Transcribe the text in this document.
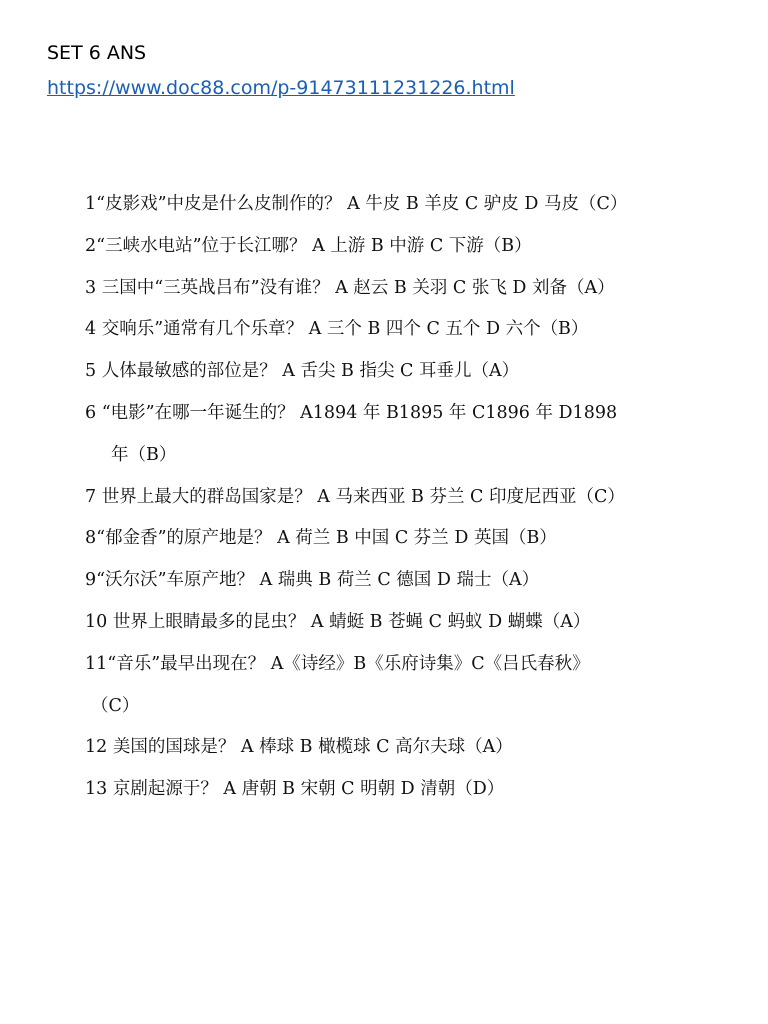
SET 6 ANS
https://www.doc88.com/p-91473111231226.html
1“皮影戏”中皮是什么皮制作的？ A 牛皮 B 羊皮 C 驴皮 D 马皮（C）
2“三峡水电站”位于长江哪？ A 上游 B 中游 C 下游（B）
3 三国中“三英战吕布”没有谁？ A 赵云 B 关羽 C 张飞 D 刘备（A）
4 交响乐”通常有几个乐章？ A 三个 B 四个 C 五个 D 六个（B）
5 人体最敏感的部位是？ A 舌尖 B 指尖 C 耳垂儿（A）
6 “电影”在哪一年诞生的？ A1894 年 B1895 年 C1896 年 D1898
年（B）
7 世界上最大的群岛国家是？ A 马来西亚 B 芬兰 C 印度尼西亚（C）
8“郁金香”的原产地是？ A 荷兰 B 中国 C 芬兰 D 英国（B）
9“沃尔沃”车原产地？ A 瑞典 B 荷兰 C 德国 D 瑞士（A）
10 世界上眼睛最多的昆虫？ A 蜻蜓 B 苍蝇 C 蚂蚁 D 蝴蝶（A）
11“音乐”最早出现在？ A《诗经》B《乐府诗集》C《吕氏春秋》
（C）
12 美国的国球是？ A 棒球 B 橄榄球 C 高尔夫球（A）
13 京剧起源于？ A 唐朝 B 宋朝 C 明朝 D 清朝（D）
